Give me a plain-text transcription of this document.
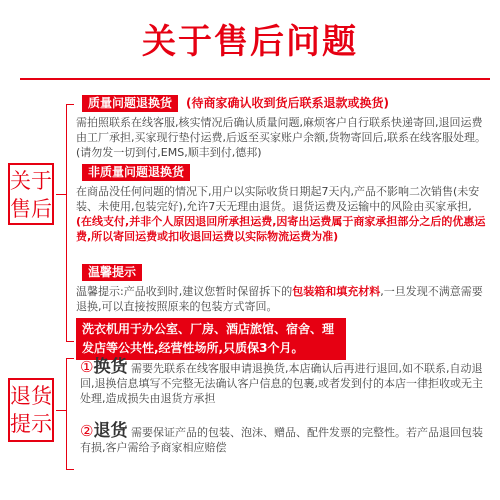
关于售后问题
关于
售后
质量问题退换货	(待商家确认收到货后联系退款或换货)
需拍照联系在线客服,核实情况后确认质量问题,麻烦客户自行联系快递寄回,退回运费由工厂承担,买家现行垫付运费,后返至买家账户余额,货物寄回后,联系在线客服处理。(请勿发一切到付,EMS,顺丰到付,德邦)
非质量问题退换货
在商品没任何问题的情况下,用户以实际收货日期起7天内,产品不影响二次销售(未安装、未使用,包装完好),允许7天无理由退货。退货运费及运输中的风险由买家承担,(在线支付,并非个人原因退回所承担运费,因寄出运费属于商家承担部分之后的优惠运费,所以寄回运费或扣收退回运费以实际物流运费为准)
温馨提示
温馨提示:产品收到时,建议您暂时保留拆下的包装箱和填充材料,一旦发现不满意需要退换,可以直接按照原来的包装方式寄回。
洗衣机用于办公室、厂房、酒店旅馆、宿舍、理
发店等公共性,经营性场所,只质保3个月。
退货
提示
①换货 需要先联系在线客服申请退换货,本店确认后再进行退回,如不联系,自动退回,退换信息填写不完整无法确认客户信息的包裹,或者发到付的本店一律拒收或无主处理,造成损失由退货方承担
②退货 需要保证产品的包装、泡沫、赠品、配件发票的完整性。若产品退回包装有损,客户需给予商家相应赔偿
